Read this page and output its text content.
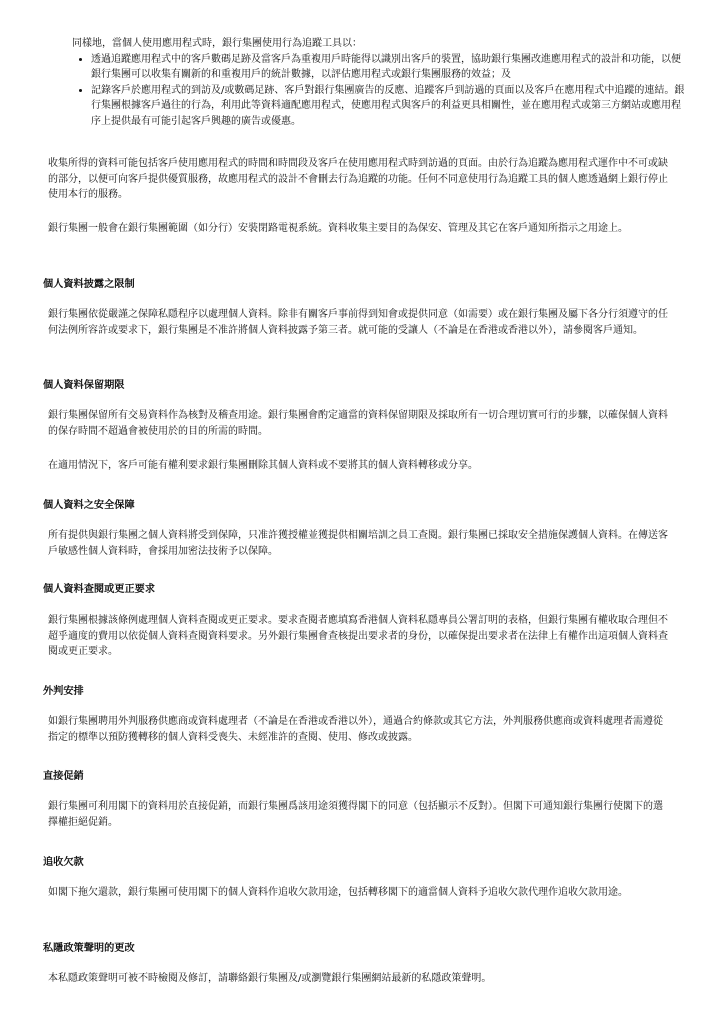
同樣地，當個人使用應用程式時，銀行集團使用行為追蹤工具以：
• 透過追蹤應用程式中的客戶數碼足跡及當客戶為重複用戶時能得以識別出客戶的裝置，協助銀行集團改進應用程式的設計和功能，以便銀行集團可以收集有關新的和重複用戶的統計數據，以評估應用程式或銀行集團服務的效益；及
• 記錄客戶於應用程式的到訪及/或數碼足跡、客戶對銀行集團廣告的反應、追蹤客戶到訪過的頁面以及客戶在應用程式中追蹤的連結。銀行集團根據客戶過往的行為，利用此等資料適配應用程式，使應用程式與客戶的利益更具相關性，並在應用程式或第三方網站或應用程序上提供最有可能引起客戶興趣的廣告或優惠。
收集所得的資料可能包括客戶使用應用程式的時間和時間段及客戶在使用應用程式時到訪過的頁面。由於行為追蹤為應用程式運作中不可或缺的部分，以便可向客戶提供優質服務，故應用程式的設計不會刪去行為追蹤的功能。任何不同意使用行為追蹤工具的個人應透過網上銀行停止使用本行的服務。
銀行集團一般會在銀行集團範圍（如分行）安裝閉路電視系統。資料收集主要目的為保安、管理及其它在客戶通知所指示之用途上。
個人資料披露之限制
銀行集團依從嚴謹之保障私隱程序以處理個人資料。除非有關客戶事前得到知會或提供同意（如需要）或在銀行集團及屬下各分行須遵守的任何法例所容許或要求下，銀行集團是不准許將個人資料披露予第三者。就可能的受讓人（不論是在香港或香港以外），請參閱客戶通知。
個人資料保留期限
銀行集團保留所有交易資料作為核對及稽查用途。銀行集團會酌定適當的資料保留期限及採取所有一切合理切實可行的步驟，以確保個人資料的保存時間不超過會被使用於的目的所需的時間。
在適用情況下，客戶可能有權利要求銀行集團刪除其個人資料或不要將其的個人資料轉移或分享。
個人資料之安全保障
所有提供與銀行集團之個人資料將受到保障，只准許獲授權並獲提供相關培訓之員工查閱。銀行集團已採取安全措施保護個人資料。在傳送客戶敏感性個人資料時，會採用加密法技術予以保障。
個人資料查閱或更正要求
銀行集團根據該條例處理個人資料查閱或更正要求。要求查閱者應填寫香港個人資料私隱專員公署訂明的表格，但銀行集團有權收取合理但不超乎適度的費用以依從個人資料查閱資料要求。另外銀行集團會查核提出要求者的身份，以確保提出要求者在法律上有權作出這項個人資料查閱或更正要求。
外判安排
如銀行集團聘用外判服務供應商或資料處理者（不論是在香港或香港以外），通過合約條款或其它方法，外判服務供應商或資料處理者需遵從指定的標準以預防獲轉移的個人資料受喪失、未經准許的查閱、使用、修改或披露。
直接促銷
銀行集團可利用閣下的資料用於直接促銷，而銀行集團爲該用途須獲得閣下的同意（包括顯示不反對）。但閣下可通知銀行集團行使閣下的選擇權拒絕促銷。
追收欠款
如閣下拖欠還款，銀行集團可使用閣下的個人資料作追收欠款用途，包括轉移閣下的適當個人資料予追收欠款代理作追收欠款用途。
私隱政策聲明的更改
本私隱政策聲明可被不時檢閱及修訂，請聯絡銀行集團及/或瀏覽銀行集團網站最新的私隱政策聲明。
